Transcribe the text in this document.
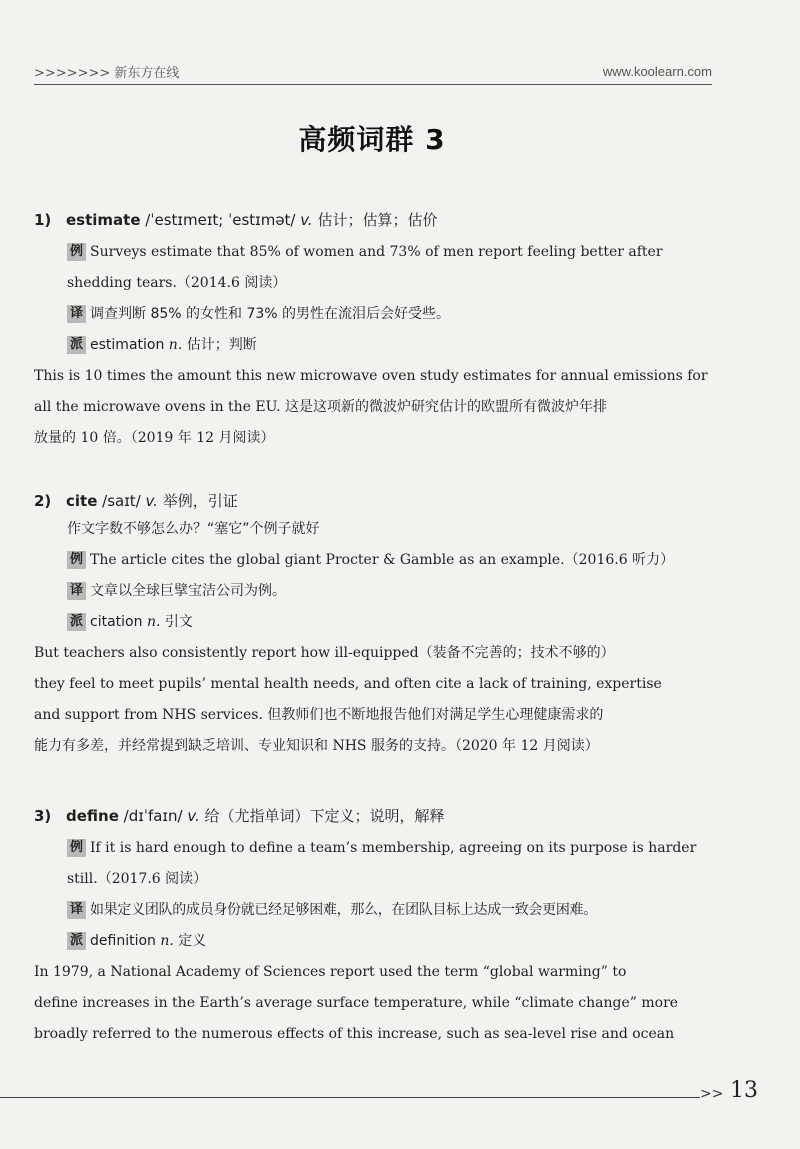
>>>>>>> 新东方在线	www.koolearn.com
高频词群 3
1) estimate /ˈestɪmeɪt; ˈestɪmət/ v. 估计；估算；估价
例 Surveys estimate that 85% of women and 73% of men report feeling better after
shedding tears.（2014.6 阅读）
译 调查判断 85% 的女性和 73% 的男性在流泪后会好受些。
派 estimation n. 估计；判断
This is 10 times the amount this new microwave oven study estimates for annual emissions for
all the microwave ovens in the EU. 这是这项新的微波炉研究估计的欧盟所有微波炉年排
放量的 10 倍。（2019 年 12 月阅读）
2) cite /saɪt/ v. 举例，引证
作文字数不够怎么办？“塞它”个例子就好
例 The article cites the global giant Procter & Gamble as an example.（2016.6 听力）
译 文章以全球巨擘宝洁公司为例。
派 citation n. 引文
But teachers also consistently report how ill-equipped（装备不完善的；技术不够的）
they feel to meet pupils’ mental health needs, and often cite a lack of training, expertise
and support from NHS services. 但教师们也不断地报告他们对满足学生心理健康需求的
能力有多差，并经常提到缺乏培训、专业知识和 NHS 服务的支持。（2020 年 12 月阅读）
3) define /dɪˈfaɪn/ v. 给（尤指单词）下定义；说明，解释
例 If it is hard enough to define a team’s membership, agreeing on its purpose is harder
still.（2017.6 阅读）
译 如果定义团队的成员身份就已经足够困难，那么，在团队目标上达成一致会更困难。
派 definition n. 定义
In 1979, a National Academy of Sciences report used the term “global warming” to
define increases in the Earth’s average surface temperature, while “climate change” more
broadly referred to the numerous effects of this increase, such as sea-level rise and ocean
>> 13
